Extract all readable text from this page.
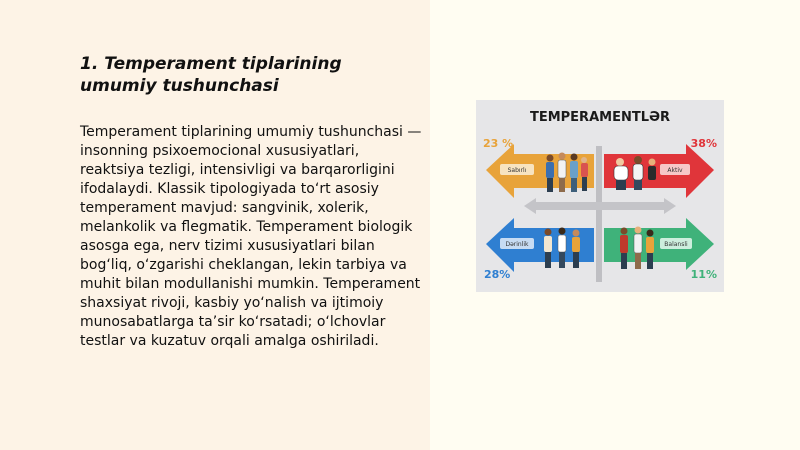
1. Temperament tiplarining umumiy tushunchasi

Temperament tiplarining umumiy tushunchasi — insonning psixoemocional xususiyatlari, reaktsiya tezligi, intensivligi va barqarorligini ifodalaydi. Klassik tipologiyada to‘rt asosiy temperament mavjud: sangvinik, xolerik, melankolik va flegmatik. Temperament biologik asosga ega, nerv tizimi xususiyatlari bilan bog‘liq, o‘zgarishi cheklangan, lekin tarbiya va muhit bilan modullanishi mumkin. Temperament shaxsiyat rivoji, kasbiy yo‘nalish va ijtimoiy munosabatlarga ta’sir ko‘rsatadi; o‘lchovlar testlar va kuzatuv orqali amalga oshiriladi.

TEMPERAMENTLƏR
Sabırlı
23 %
Aktiv
38%
Dərinlik
28%
Balansli
11%
